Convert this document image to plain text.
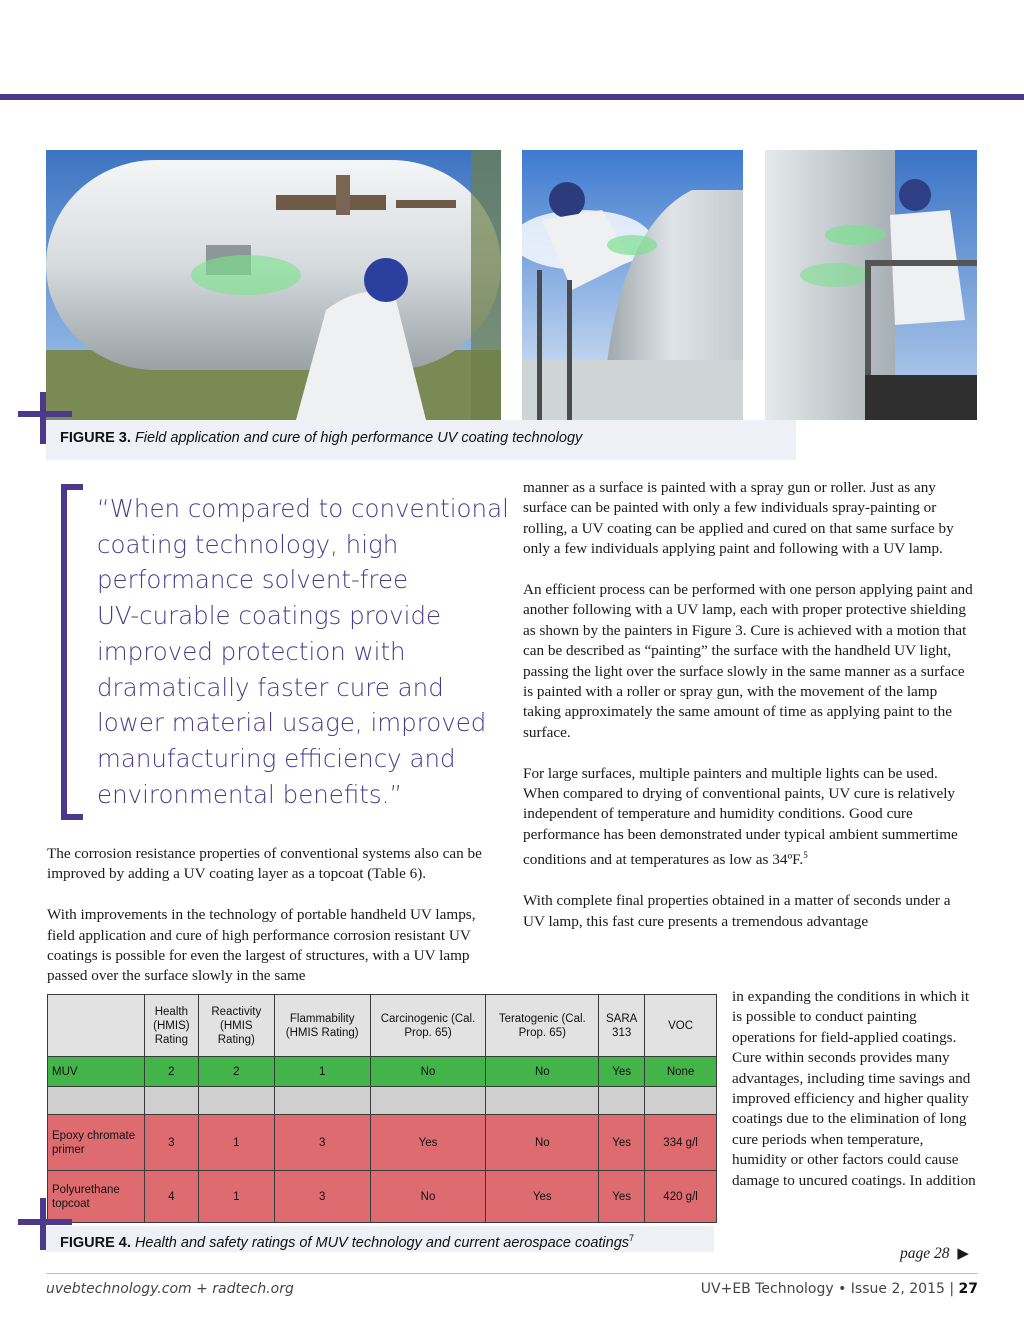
FIGURE 3. Field application and cure of high performance UV coating technology
“When compared to conventional
coating technology, high
performance solvent-free
UV-curable coatings provide
improved protection with
dramatically faster cure and
lower material usage, improved
manufacturing efficiency and
environmental benefits.”

The corrosion resistance properties of conventional systems also can be improved by adding a UV coating layer as a topcoat (Table 6).

With improvements in the technology of portable handheld UV lamps, field application and cure of high performance corrosion resistant UV coatings is possible for even the largest of structures, with a UV lamp passed over the surface slowly in the same

manner as a surface is painted with a spray gun or roller. Just as any surface can be painted with only a few individuals spray-painting or rolling, a UV coating can be applied and cured on that same surface by only a few individuals applying paint and following with a UV lamp.

An efficient process can be performed with one person applying paint and another following with a UV lamp, each with proper protective shielding as shown by the painters in Figure 3. Cure is achieved with a motion that can be described as “painting” the surface with the handheld UV light, passing the light over the surface slowly in the same manner as a surface is painted with a roller or spray gun, with the movement of the lamp taking approximately the same amount of time as applying paint to the surface.

For large surfaces, multiple painters and multiple lights can be used. When compared to drying of conventional paints, UV cure is relatively independent of temperature and humidity conditions. Good cure performance has been demonstrated under typical ambient summertime conditions and at temperatures as low as 34ºF.$^5$

With complete final properties obtained in a matter of seconds under a UV lamp, this fast cure presents a tremendous advantage

in expanding the conditions in which it is possible to conduct painting operations for field-applied coatings. Cure within seconds provides many advantages, including time savings and improved efficiency and higher quality coatings due to the elimination of long cure periods when temperature, humidity or other factors could cause damage to uncured coatings. In addition

	Health (HMIS) Rating	Reactivity (HMIS Rating)	Flammability (HMIS Rating)	Carcinogenic (Cal. Prop. 65)	Teratogenic (Cal. Prop. 65)	SARA 313	VOC
MUV	2	2	1	No	No	Yes	None

Epoxy chromate primer	3	1	3	Yes	No	Yes	334 g/l
Polyurethane topcoat	4	1	3	No	Yes	Yes	420 g/l
FIGURE 4. Health and safety ratings of MUV technology and current aerospace coatings$^7$
page 28 ▶
uvebtechnology.com + radtech.org	UV+EB Technology • Issue 2, 2015 | 27
